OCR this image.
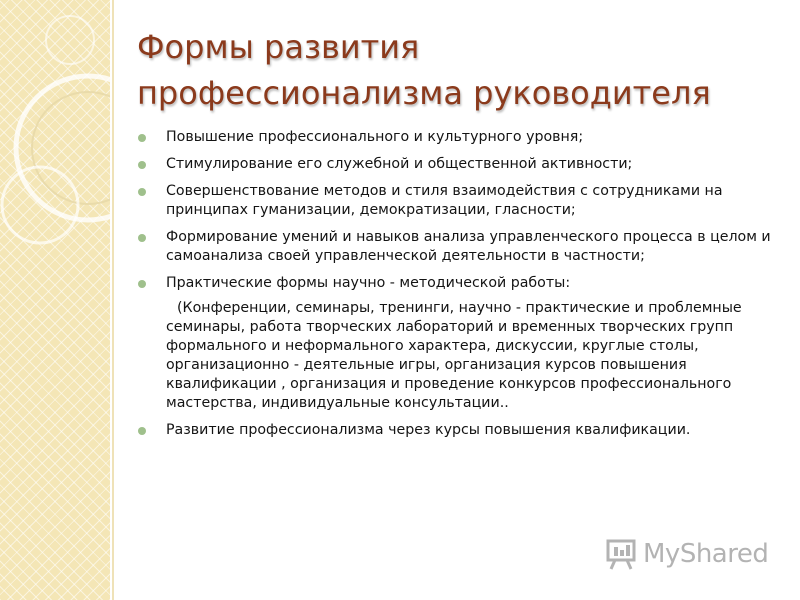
Формы развития
профессионализма руководителя
Повышение профессионального и культурного уровня;
Стимулирование его служебной и общественной активности;
Совершенствование методов и стиля взаимодействия с сотрудниками на принципах гуманизации, демократизации, гласности;
Формирование умений и навыков анализа управленческого процесса в целом и самоанализа своей управленческой деятельности в частности;
Практические формы научно - методической работы:
(Конференции, семинары, тренинги, научно - практические и проблемные семинары, работа творческих лабораторий и временных творческих групп формального и неформального характера, дискуссии, круглые столы, организационно - деятельные игры, организация курсов повышения квалификации , организация и проведение конкурсов профессионального мастерства, индивидуальные консультации..
Развитие профессионализма через курсы повышения квалификации.
MyShared
